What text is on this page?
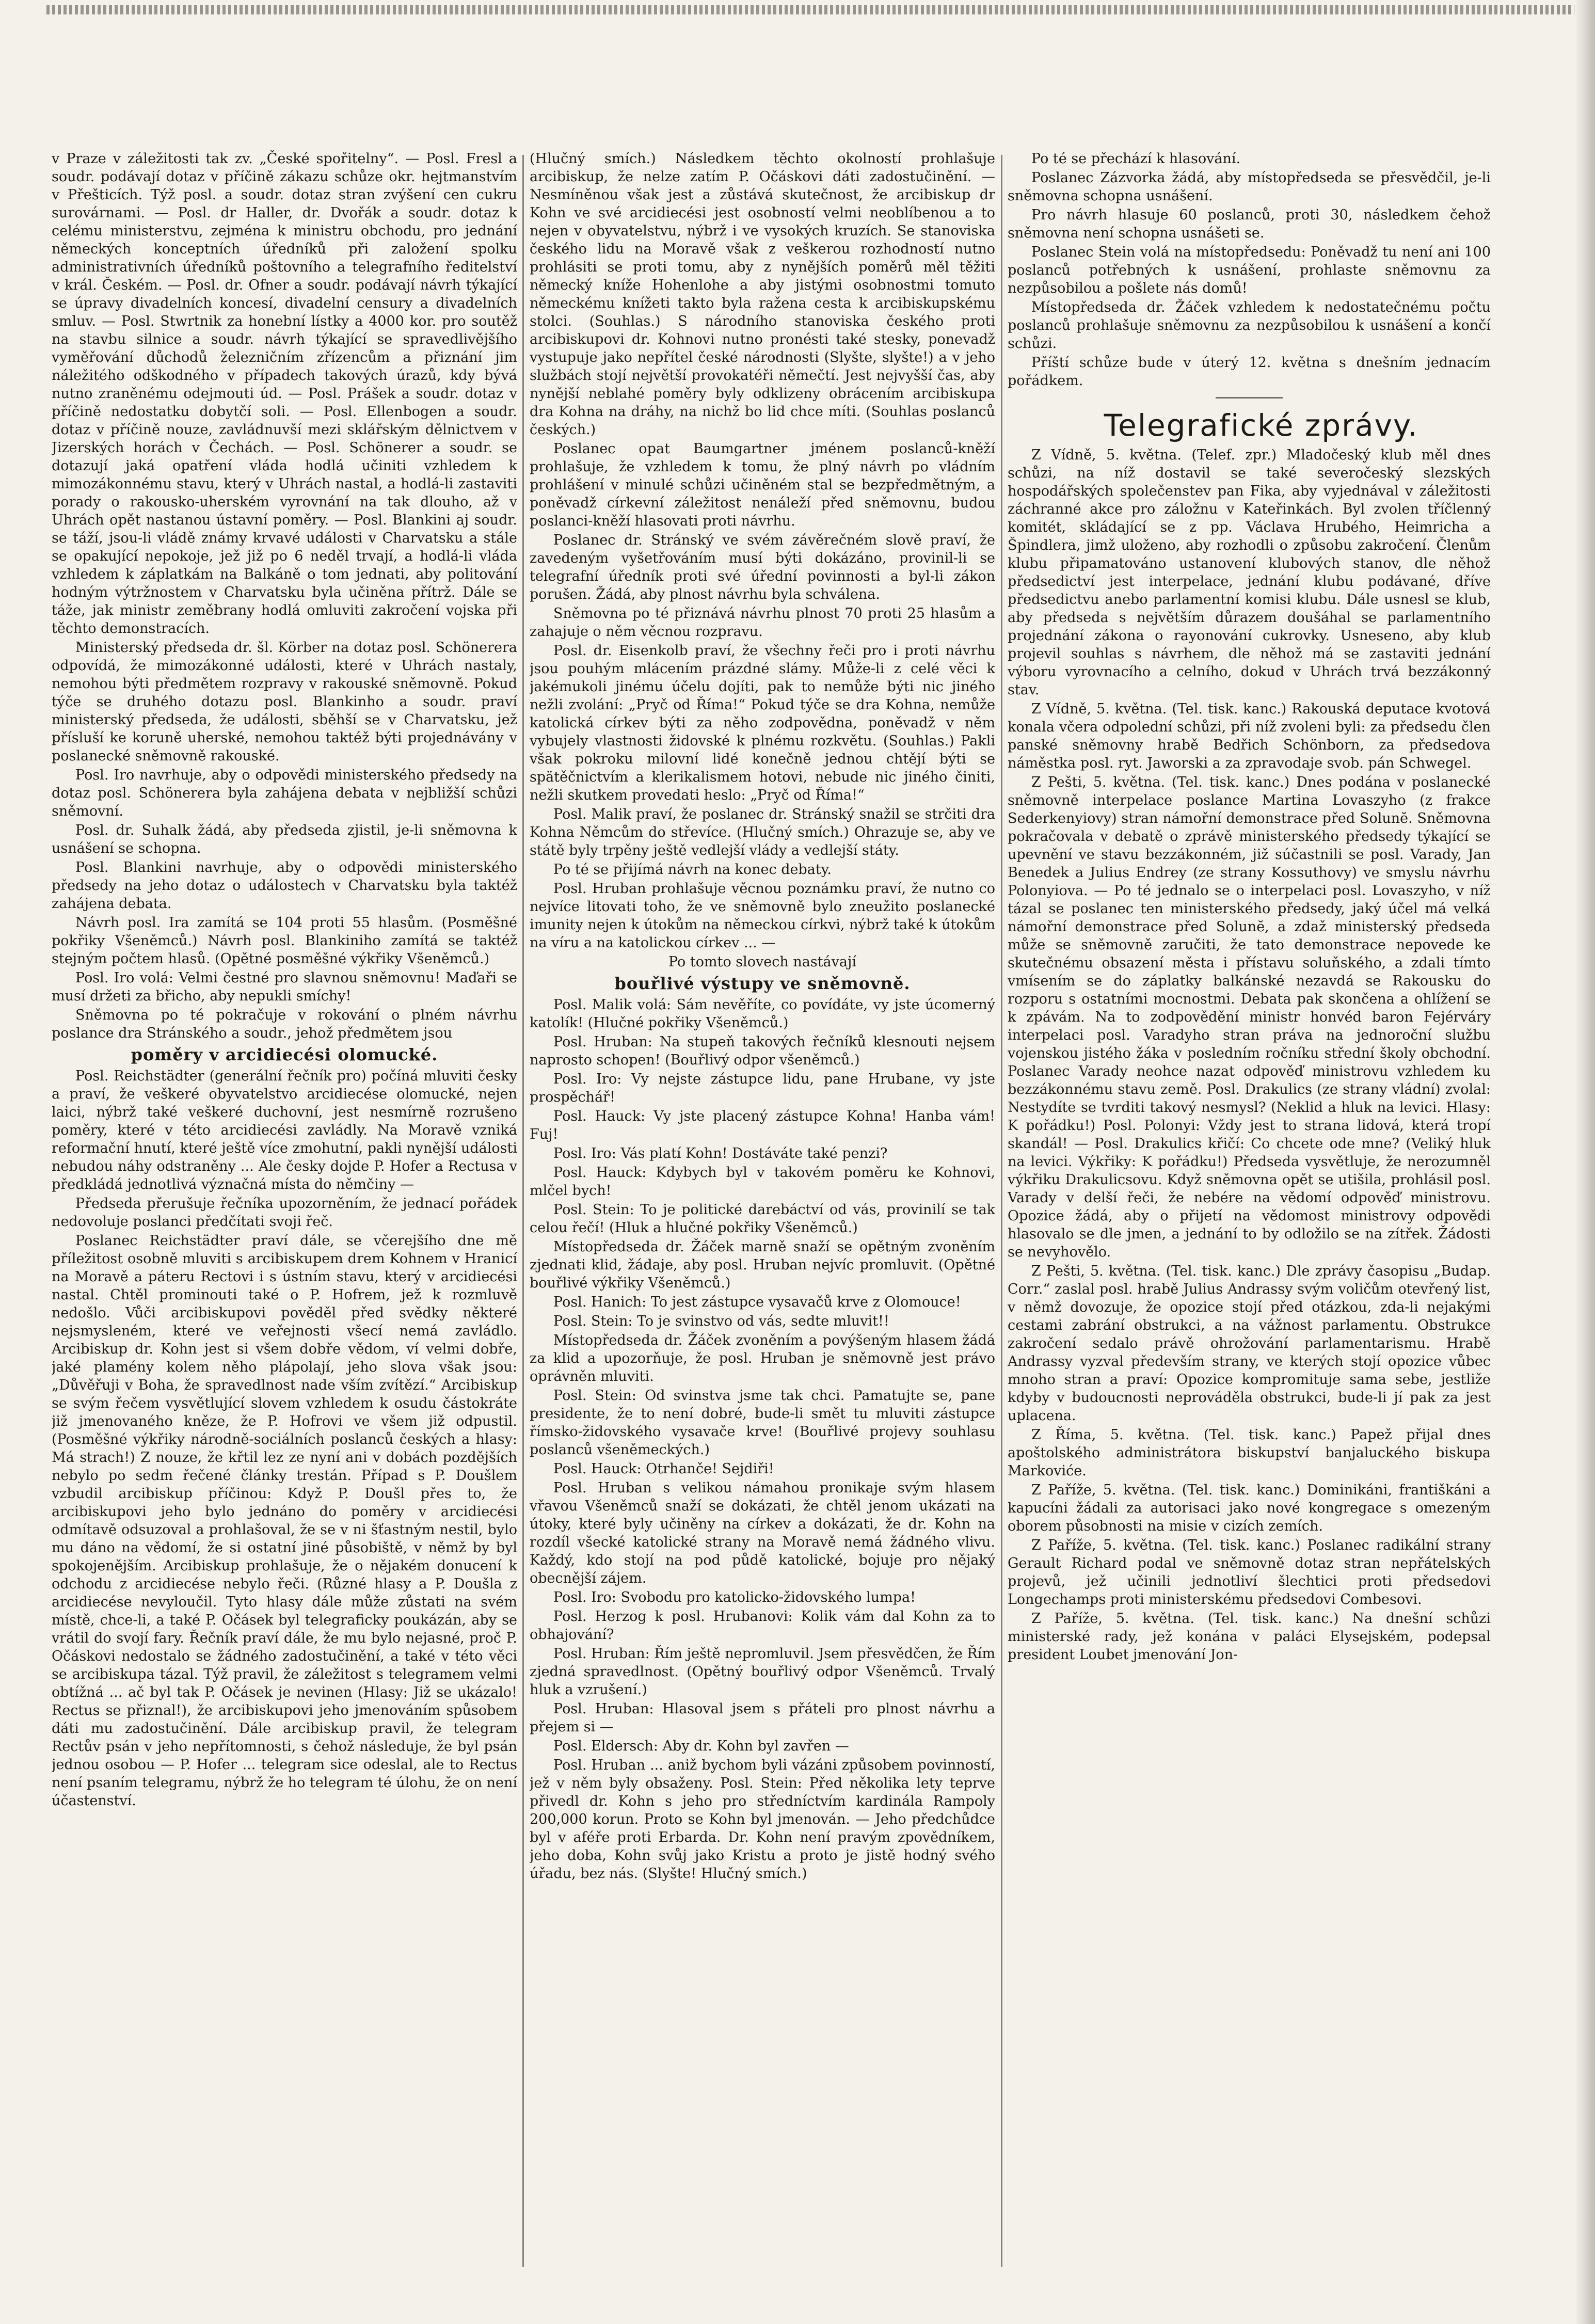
v Praze v záležitosti tak zv. „České spořitelny“. — Posl. Fresl a soudr. podávají dotaz v příčině zákazu schůze okr. hejtmanstvím v Přešticích. Týž posl. a soudr. dotaz stran zvýšení cen cukru surovárnami. — Posl. dr Haller, dr. Dvořák a soudr. dotaz k celému ministerstvu, zejména k ministru obchodu, pro jednání německých konceptních úředníků při založení spolku administrativních úředníků poštovního a telegrafního ředitelství v král. Českém. — Posl. dr. Ofner a soudr. podávají návrh týkající se úpravy divadelních koncesí, divadelní censury a divadelních smluv. — Posl. Stwrtnik za honební lístky a 4000 kor. pro soutěž na stavbu silnice a soudr. návrh týkající se spravedlivějšího vyměřování důchodů železničním zřízencům a přiznání jim náležitého odškodného v případech takových úrazů, kdy bývá nutno zraněnému odejmouti úd. — Posl. Prášek a soudr. dotaz v příčině nedostatku dobytčí soli. — Posl. Ellenbogen a soudr. dotaz v příčině nouze, zavládnuvší mezi sklářským dělnictvem v Jizerských horách v Čechách. — Posl. Schönerer a soudr. se dotazují jaká opatření vláda hodlá učiniti vzhledem k mimozákonnému stavu, který v Uhrách nastal, a hodlá-li zastaviti porady o rakousko-uherském vyrovnání na tak dlouho, až v Uhrách opět nastanou ústavní poměry. — Posl. Blankini aj soudr. se táží, jsou-li vládě známy krvavé události v Charvatsku a stále se opakující nepokoje, jež již po 6 neděl trvají, a hodlá-li vláda vzhledem k záplatkám na Balkáně o tom jednati, aby politování hodným výtržnostem v Charvatsku byla učiněna přítrž. Dále se táže, jak ministr zeměbrany hodlá omluviti zakročení vojska při těchto demonstracích.

Ministerský předseda dr. šl. Körber na dotaz posl. Schönerera odpovídá, že mimozákonné události, které v Uhrách nastaly, nemohou býti předmětem rozpravy v rakouské sněmovně. Pokud týče se druhého dotazu posl. Blankinho a soudr. praví ministerský předseda, že události, sběhší se v Charvatsku, jež přísluší ke koruně uherské, nemohou taktéž býti projednávány v poslanecké sněmovně rakouské.

Posl. Iro navrhuje, aby o odpovědi ministerského předsedy na dotaz posl. Schönerera byla zahájena debata v nejbližší schůzi sněmovní.

Posl. dr. Suhalk žádá, aby předseda zjistil, je-li sněmovna k usnášení se schopna.

Posl. Blankini navrhuje, aby o odpovědi ministerského předsedy na jeho dotaz o událostech v Charvatsku byla taktéž zahájena debata.

Návrh posl. Ira zamítá se 104 proti 55 hlasům. (Posměšné pokřiky Všeněmců.) Návrh posl. Blankiniho zamítá se taktéž stejným počtem hlasů. (Opětné posměšné výkřiky Všeněmců.)

Posl. Iro volá: Velmi čestné pro slavnou sněmovnu! Maďaři se musí držeti za břicho, aby nepukli smíchy!

Sněmovna po té pokračuje v rokování o plném návrhu poslance dra Stránského a soudr., jehož předmětem jsou

poměry v arcidiecési olomucké.

Posl. Reichstädter (generální řečník pro) počíná mluviti česky a praví, že veškeré obyvatelstvo arcidiecése olomucké, nejen laici, nýbrž také veškeré duchovní, jest nesmírně rozrušeno poměry, které v této arcidiecési zavládly. Na Moravě vzniká reformační hnutí, které ještě více zmohutní, pakli nynější události nebudou náhy odstraněny ... Ale česky dojde P. Hofer a Rectusa v předkládá jednotlivá význačná místa do němčiny —

Předseda přerušuje řečníka upozorněním, že jednací pořádek nedovoluje poslanci předčítati svoji řeč.

Poslanec Reichstädter praví dále, se včerejšího dne mě příležitost osobně mluviti s arcibiskupem drem Kohnem v Hranicí na Moravě a páteru Rectovi i s ústním stavu, který v arcidiecési nastal. Chtěl prominouti také o P. Hofrem, jež k rozmluvě nedošlo. Vůči arcibiskupovi pověděl před svědky některé nejsmysleném, které ve veřejnosti všecí nemá zavládlo. Arcibiskup dr. Kohn jest si všem dobře vědom, ví velmi dobře, jaké plamény kolem něho plápolají, jeho slova však jsou: „Důvěřuji v Boha, že spravedlnost nade vším zvítězí.“ Arcibiskup se svým řečem vysvětlující slovem vzhledem k osudu částokráte již jmenovaného kněze, že P. Hofrovi ve všem již odpustil. (Posměšné výkřiky národně-sociálních poslanců českých a hlasy: Má strach!) Z nouze, že křtil lez ze nyní ani v dobách pozdějších nebylo po sedm řečené články trestán. Případ s P. Doušlem vzbudil arcibiskup příčinou: Když P. Doušl přes to, že arcibiskupovi jeho bylo jednáno do poměry v arcidiecési odmítavě odsuzoval a prohlašoval, že se v ni šťastným nestil, bylo mu dáno na vědomí, že si ostatní jiné působiště, v němž by byl spokojenějším. Arcibiskup prohlašuje, že o nějakém donucení k odchodu z arcidiecése nebylo řeči. (Různé hlasy a P. Doušla z arcidiecése nevyloučil. Tyto hlasy dále může zůstati na svém místě, chce-li, a také P. Očásek byl telegraficky poukázán, aby se vrátil do svojí fary. Řečník praví dále, že mu bylo nejasné, proč P. Očáskovi nedostalo se žádného zadostučinění, a také v této věci se arcibiskupa tázal. Týž pravil, že záležitost s telegramem velmi obtížná ... ač byl tak P. Očásek je nevinen (Hlasy: Již se ukázalo! Rectus se přiznal!), že arcibiskupovi jeho jmenováním spůsobem dáti mu zadostučinění. Dále arcibiskup pravil, že telegram Rectův psán v jeho nepřítomnosti, s čehož následuje, že byl psán jednou osobou — P. Hofer ... telegram sice odeslal, ale to Rectus není psaním telegramu, nýbrž že ho telegram té úlohu, že on není účastenství.

(Hlučný smích.) Následkem těchto okolností prohlašuje arcibiskup, že nelze zatím P. Očáskovi dáti zadostučinění. — Nesmíněnou však jest a zůstává skutečnost, že arcibiskup dr Kohn ve své arcidiecési jest osobností velmi neoblíbenou a to nejen v obyvatelstvu, nýbrž i ve vysokých kruzích. Se stanoviska českého lidu na Moravě však z veškerou rozhodností nutno prohlásiti se proti tomu, aby z nynějších poměrů měl těžiti německý kníže Hohenlohe a aby jistými osobnostmi tomuto německému knížeti takto byla ražena cesta k arcibiskupskému stolci. (Souhlas.) S národního stanoviska českého proti arcibiskupovi dr. Kohnovi nutno pronésti také stesky, ponevadž vystupuje jako nepřítel české národnosti (Slyšte, slyšte!) a v jeho službách stojí největší provokatéři němečtí. Jest nejvyšší čas, aby nynější neblahé poměry byly odklizeny obrácením arcibiskupa dra Kohna na dráhy, na nichž bo lid chce míti. (Souhlas poslanců českých.)

Poslanec opat Baumgartner jménem poslanců-kněží prohlašuje, že vzhledem k tomu, že plný návrh po vládním prohlášení v minulé schůzi učiněném stal se bezpředmětným, a poněvadž církevní záležitost nenáleží před sněmovnu, budou poslanci-kněží hlasovati proti návrhu.

Poslanec dr. Stránský ve svém závěrečném slově praví, že zavedeným vyšetřováním musí býti dokázáno, provinil-li se telegrafní úředník proti své úřední povinnosti a byl-li zákon porušen. Žádá, aby plnost návrhu byla schválena.

Sněmovna po té přiznává návrhu plnost 70 proti 25 hlasům a zahajuje o něm věcnou rozpravu.

Posl. dr. Eisenkolb praví, že všechny řeči pro i proti návrhu jsou pouhým mlácením prázdné slámy. Může-li z celé věci k jakémukoli jinému účelu dojíti, pak to nemůže býti nic jiného nežli zvolání: „Pryč od Říma!“ Pokud týče se dra Kohna, nemůže katolická církev býti za něho zodpovědna, poněvadž v něm vybujely vlastnosti židovské k plnému rozkvětu. (Souhlas.) Pakli však pokroku milovní lidé konečně jednou chtějí býti se spätěčnictvím a klerikalismem hotovi, nebude nic jiného činiti, nežli skutkem provedati heslo: „Pryč od Říma!“

Posl. Malik praví, že poslanec dr. Stránský snažil se strčiti dra Kohna Němcům do střevíce. (Hlučný smích.) Ohrazuje se, aby ve státě byly trpěny ještě vedlejší vlády a vedlejší státy.

Po té se přijímá návrh na konec debaty.

Posl. Hruban prohlašuje věcnou poznámku praví, že nutno co nejvíce litovati toho, že ve sněmovně bylo zneužito poslanecké imunity nejen k útokům na německou církvi, nýbrž také k útokům na víru a na katolickou církev ... —

Po tomto slovech nastávají

bouřlivé výstupy ve sněmovně.

Posl. Malik volá: Sám nevěříte, co povídáte, vy jste úcomerný katolík! (Hlučné pokřiky Všeněmců.)

Posl. Hruban: Na stupeň takových řečníků klesnouti nejsem naprosto schopen! (Bouřlivý odpor všeněmců.)

Posl. Iro: Vy nejste zástupce lidu, pane Hrubane, vy jste prospěchář!

Posl. Hauck: Vy jste placený zástupce Kohna! Hanba vám! Fuj!

Posl. Iro: Vás platí Kohn! Dostáváte také penzi?

Posl. Hauck: Kdybych byl v takovém poměru ke Kohnovi, mlčel bych!

Posl. Stein: To je politické darebáctví od vás, provinilí se tak celou řečí! (Hluk a hlučné pokřiky Všeněmců.)

Místopředseda dr. Žáček marně snaží se opětným zvoněním zjednati klid, žádaje, aby posl. Hruban nejvíc promluvit. (Opětné bouřlivé výkřiky Všeněmců.)

Posl. Hanich: To jest zástupce vysavačů krve z Olomouce!

Posl. Stein: To je svinstvo od vás, sedte mluvit!!

Místopředseda dr. Žáček zvoněním a povýšeným hlasem žádá za klid a upozorňuje, že posl. Hruban je sněmovně jest právo oprávněn mluviti.

Posl. Stein: Od svinstva jsme tak chci. Pamatujte se, pane presidente, že to není dobré, bude-li smět tu mluviti zástupce římsko-židovského vysavače krve! (Bouřlivé projevy souhlasu poslanců všeněmeckých.)

Posl. Hauck: Otrhanče! Sejdiři!

Posl. Hruban s velikou námahou pronikaje svým hlasem vřavou Všeněmců snaží se dokázati, že chtěl jenom ukázati na útoky, které byly učiněny na církev a dokázati, že dr. Kohn na rozdíl všecké katolické strany na Moravě nemá žádného vlivu. Každý, kdo stojí na pod půdě katolické, bojuje pro nějaký obecnější zájem.

Posl. Iro: Svobodu pro katolicko-židovského lumpa!

Posl. Herzog k posl. Hrubanovi: Kolik vám dal Kohn za to obhajování?

Posl. Hruban: Řím ještě nepromluvil. Jsem přesvědčen, že Řím zjedná spravedlnost. (Opětný bouřlivý odpor Všeněmců. Trvalý hluk a vzrušení.)

Posl. Hruban: Hlasoval jsem s přáteli pro plnost návrhu a přejem si —

Posl. Eldersch: Aby dr. Kohn byl zavřen —

Posl. Hruban ... aniž bychom byli vázáni způsobem povinností, jež v něm byly obsaženy. Posl. Stein: Před několika lety teprve přivedl dr. Kohn s jeho pro středníctvím kardinála Rampoly 200,000 korun. Proto se Kohn byl jmenován. — Jeho předchůdce byl v aféře proti Erbarda. Dr. Kohn není pravým zpovědníkem, jeho doba, Kohn svůj jako Kristu a proto je jistě hodný svého úřadu, bez nás. (Slyšte! Hlučný smích.)

Po té se přechází k hlasování.

Poslanec Zázvorka žádá, aby místopředseda se přesvědčil, je-li sněmovna schopna usnášení.

Pro návrh hlasuje 60 poslanců, proti 30, následkem čehož sněmovna není schopna usnášeti se.

Poslanec Stein volá na místopředsedu: Poněvadž tu není ani 100 poslanců potřebných k usnášení, prohlaste sněmovnu za nezpůsobilou a pošlete nás domů!

Místopředseda dr. Žáček vzhledem k nedostatečnému počtu poslanců prohlašuje sněmovnu za nezpůsobilou k usnášení a končí schůzi.

Příští schůze bude v úterý 12. května s dnešním jednacím pořádkem.

Telegrafické zprávy.

Z Vídně, 5. května. (Telef. zpr.) Mladočeský klub měl dnes schůzi, na níž dostavil se také severočeský slezských hospodářských společenstev pan Fika, aby vyjednával v záležitosti záchranné akce pro záložnu v Kateřinkách. Byl zvolen tříčlenný komitét, skládající se z pp. Václava Hrubého, Heimricha a Špindlera, jimž uloženo, aby rozhodli o způsobu zakročení. Členům klubu připamatováno ustanovení klubových stanov, dle něhož předsedictví jest interpelace, jednání klubu podávané, dříve předsedictvu anebo parlamentní komisi klubu. Dále usnesl se klub, aby předseda s největším důrazem doušáhal se parlamentního projednání zákona o rayonování cukrovky. Usneseno, aby klub projevil souhlas s návrhem, dle něhož má se zastaviti jednání výboru vyrovnacího a celního, dokud v Uhrách trvá bezzákonný stav.

Z Vídně, 5. května. (Tel. tisk. kanc.) Rakouská deputace kvotová konala včera odpolední schůzi, při níž zvoleni byli: za předsedu člen panské sněmovny hrabě Bedřich Schönborn, za předsedova náměstka posl. ryt. Jaworski a za zpravodaje svob. pán Schwegel.

Z Pešti, 5. května. (Tel. tisk. kanc.) Dnes podána v poslanecké sněmovně interpelace poslance Martina Lovaszyho (z frakce Sederkenyiovy) stran námořní demonstrace před Solunĕ. Sněmovna pokračovala v debatě o zprávě ministerského předsedy týkající se upevnění ve stavu bezzákonném, již súčastnili se posl. Varady, Jan Benedek a Julius Endrey (ze strany Kossuthovy) ve smyslu návrhu Polonyiova. — Po té jednalo se o interpelaci posl. Lovaszyho, v níž tázal se poslanec ten ministerského předsedy, jaký účel má velká námořní demonstrace před Solunĕ, a zdaž ministerský předseda může se sněmovně zaručiti, že tato demonstrace nepovede ke skutečnému obsazení města i přístavu soluňského, a zdali tímto vmísením se do záplatky balkánské nezavdá se Rakousku do rozporu s ostatními mocnostmi. Debata pak skončena a ohlížení se k zpávám. Na to zodpovědění ministr honvéd baron Fejérváry interpelaci posl. Varadyho stran práva na jednoroční službu vojenskou jistého žáka v posledním ročníku střední školy obchodní. Poslanec Varady neohce nazat odpověď ministrovu vzhledem ku bezzákonnému stavu země. Posl. Drakulics (ze strany vládní) zvolal: Nestydíte se tvrditi takový nesmysl? (Neklid a hluk na levici. Hlasy: K pořádku!) Posl. Polonyi: Vždy jest to strana lidová, která tropí skandál! — Posl. Drakulics křičí: Co chcete ode mne? (Veliký hluk na levici. Výkřiky: K pořádku!) Předseda vysvětluje, že nerozumněl výkřiku Drakulicsovu. Když sněmovna opět se utišila, prohlásil posl. Varady v delší řeči, že nebére na vědomí odpověď ministrovu. Opozice žádá, aby o přijetí na vědomost ministrovy odpovědi hlasovalo se dle jmen, a jednání to by odložilo se na zítřek. Žádosti se nevyhovělo.

Z Pešti, 5. května. (Tel. tisk. kanc.) Dle zprávy časopisu „Budap. Corr.“ zaslal posl. hrabě Julius Andrassy svým voličům otevřený list, v němž dovozuje, že opozice stojí před otázkou, zda-li nejakými cestami zabrání obstrukci, a na vážnost parlamentu. Obstrukce zakročení sedalo právě ohrožování parlamentarismu. Hrabě Andrassy vyzval především strany, ve kterých stojí opozice vůbec mnoho stran a praví: Opozice kompromituje sama sebe, jestliže kdyby v budoucnosti neprováděla obstrukci, bude-li jí pak za jest uplacena.

Z Říma, 5. května. (Tel. tisk. kanc.) Papež přijal dnes apoštolského administrátora biskupství banjaluckého biskupa Markoviće.

Z Paříže, 5. května. (Tel. tisk. kanc.) Dominikáni, františkáni a kapucíni žádali za autorisaci jako nové kongregace s omezeným oborem působnosti na misie v cizích zemích.

Z Paříže, 5. května. (Tel. tisk. kanc.) Poslanec radikální strany Gerault Richard podal ve sněmovně dotaz stran nepřátelských projevů, jež učinili jednotliví šlechtici proti předsedovi Longechamps proti ministerskému předsedovi Combesovi.

Z Paříže, 5. května. (Tel. tisk. kanc.) Na dnešní schůzi ministerské rady, jež konána v paláci Elysejském, podepsal president Loubet jmenování Jon-
